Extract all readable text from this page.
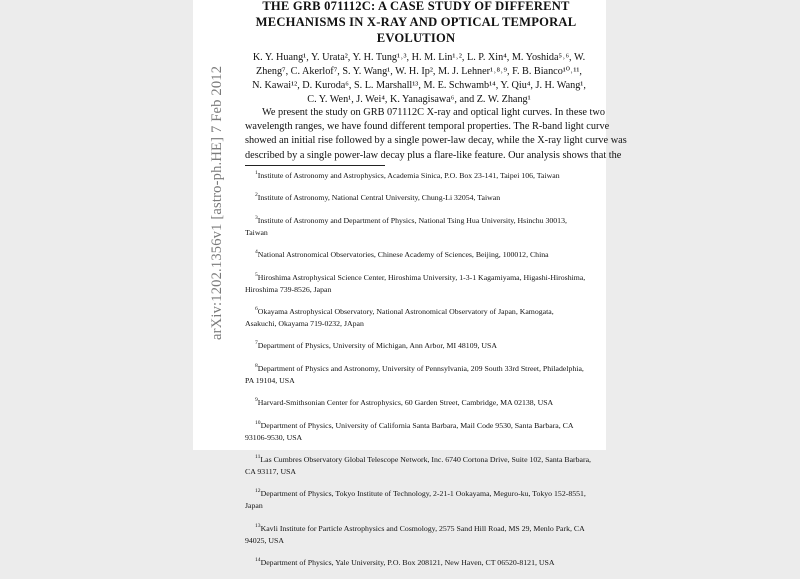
arXiv:1202.1356v1 [astro-ph.HE] 7 Feb 2012
THE GRB 071112C: A CASE STUDY OF DIFFERENT
MECHANISMS IN X-RAY AND OPTICAL TEMPORAL
EVOLUTION
K. Y. Huang¹, Y. Urata², Y. H. Tung¹˒³, H. M. Lin¹˒², L. P. Xin⁴, M. Yoshida⁵˒⁶, W.
Zheng⁷, C. Akerlof⁷, S. Y. Wang¹, W. H. Ip², M. J. Lehner¹˒⁸˒⁹, F. B. Bianco¹⁰˒¹¹,
N. Kawai¹², D. Kuroda⁶, S. L. Marshall¹³, M. E. Schwamb¹⁴, Y. Qiu⁴, J. H. Wang¹,
C. Y. Wen¹, J. Wei⁴, K. Yanagisawa⁶, and Z. W. Zhang¹
We present the study on GRB 071112C X-ray and optical light curves. In these two
wavelength ranges, we have found different temporal properties. The R-band light curve
showed an initial rise followed by a single power-law decay, while the X-ray light curve was
described by a single power-law decay plus a flare-like feature. Our analysis shows that the
$^1$Institute of Astronomy and Astrophysics, Academia Sinica, P.O. Box 23-141, Taipei 106, Taiwan
$^2$Institute of Astronomy, National Central University, Chung-Li 32054, Taiwan
$^3$Institute of Astronomy and Department of Physics, National Tsing Hua University, Hsinchu 30013,
Taiwan
$^4$National Astronomical Observatories, Chinese Academy of Sciences, Beijing, 100012, China
$^5$Hiroshima Astrophysical Science Center, Hiroshima University, 1-3-1 Kagamiyama, Higashi-Hiroshima,
Hiroshima 739-8526, Japan
$^6$Okayama Astrophysical Observatory, National Astronomical Observatory of Japan, Kamogata,
Asakuchi, Okayama 719-0232, JApan
$^7$Department of Physics, University of Michigan, Ann Arbor, MI 48109, USA
$^8$Department of Physics and Astronomy, University of Pennsylvania, 209 South 33rd Street, Philadelphia,
PA 19104, USA
$^9$Harvard-Smithsonian Center for Astrophysics, 60 Garden Street, Cambridge, MA 02138, USA
$^{10}$Department of Physics, University of California Santa Barbara, Mail Code 9530, Santa Barbara, CA
93106-9530, USA
$^{11}$Las Cumbres Observatory Global Telescope Network, Inc. 6740 Cortona Drive, Suite 102, Santa Barbara,
CA 93117, USA
$^{12}$Department of Physics, Tokyo Institute of Technology, 2-21-1 Ookayama, Meguro-ku, Tokyo 152-8551,
Japan
$^{13}$Kavli Institute for Particle Astrophysics and Cosmology, 2575 Sand Hill Road, MS 29, Menlo Park, CA
94025, USA
$^{14}$Department of Physics, Yale University, P.O. Box 208121, New Haven, CT 06520-8121, USA
